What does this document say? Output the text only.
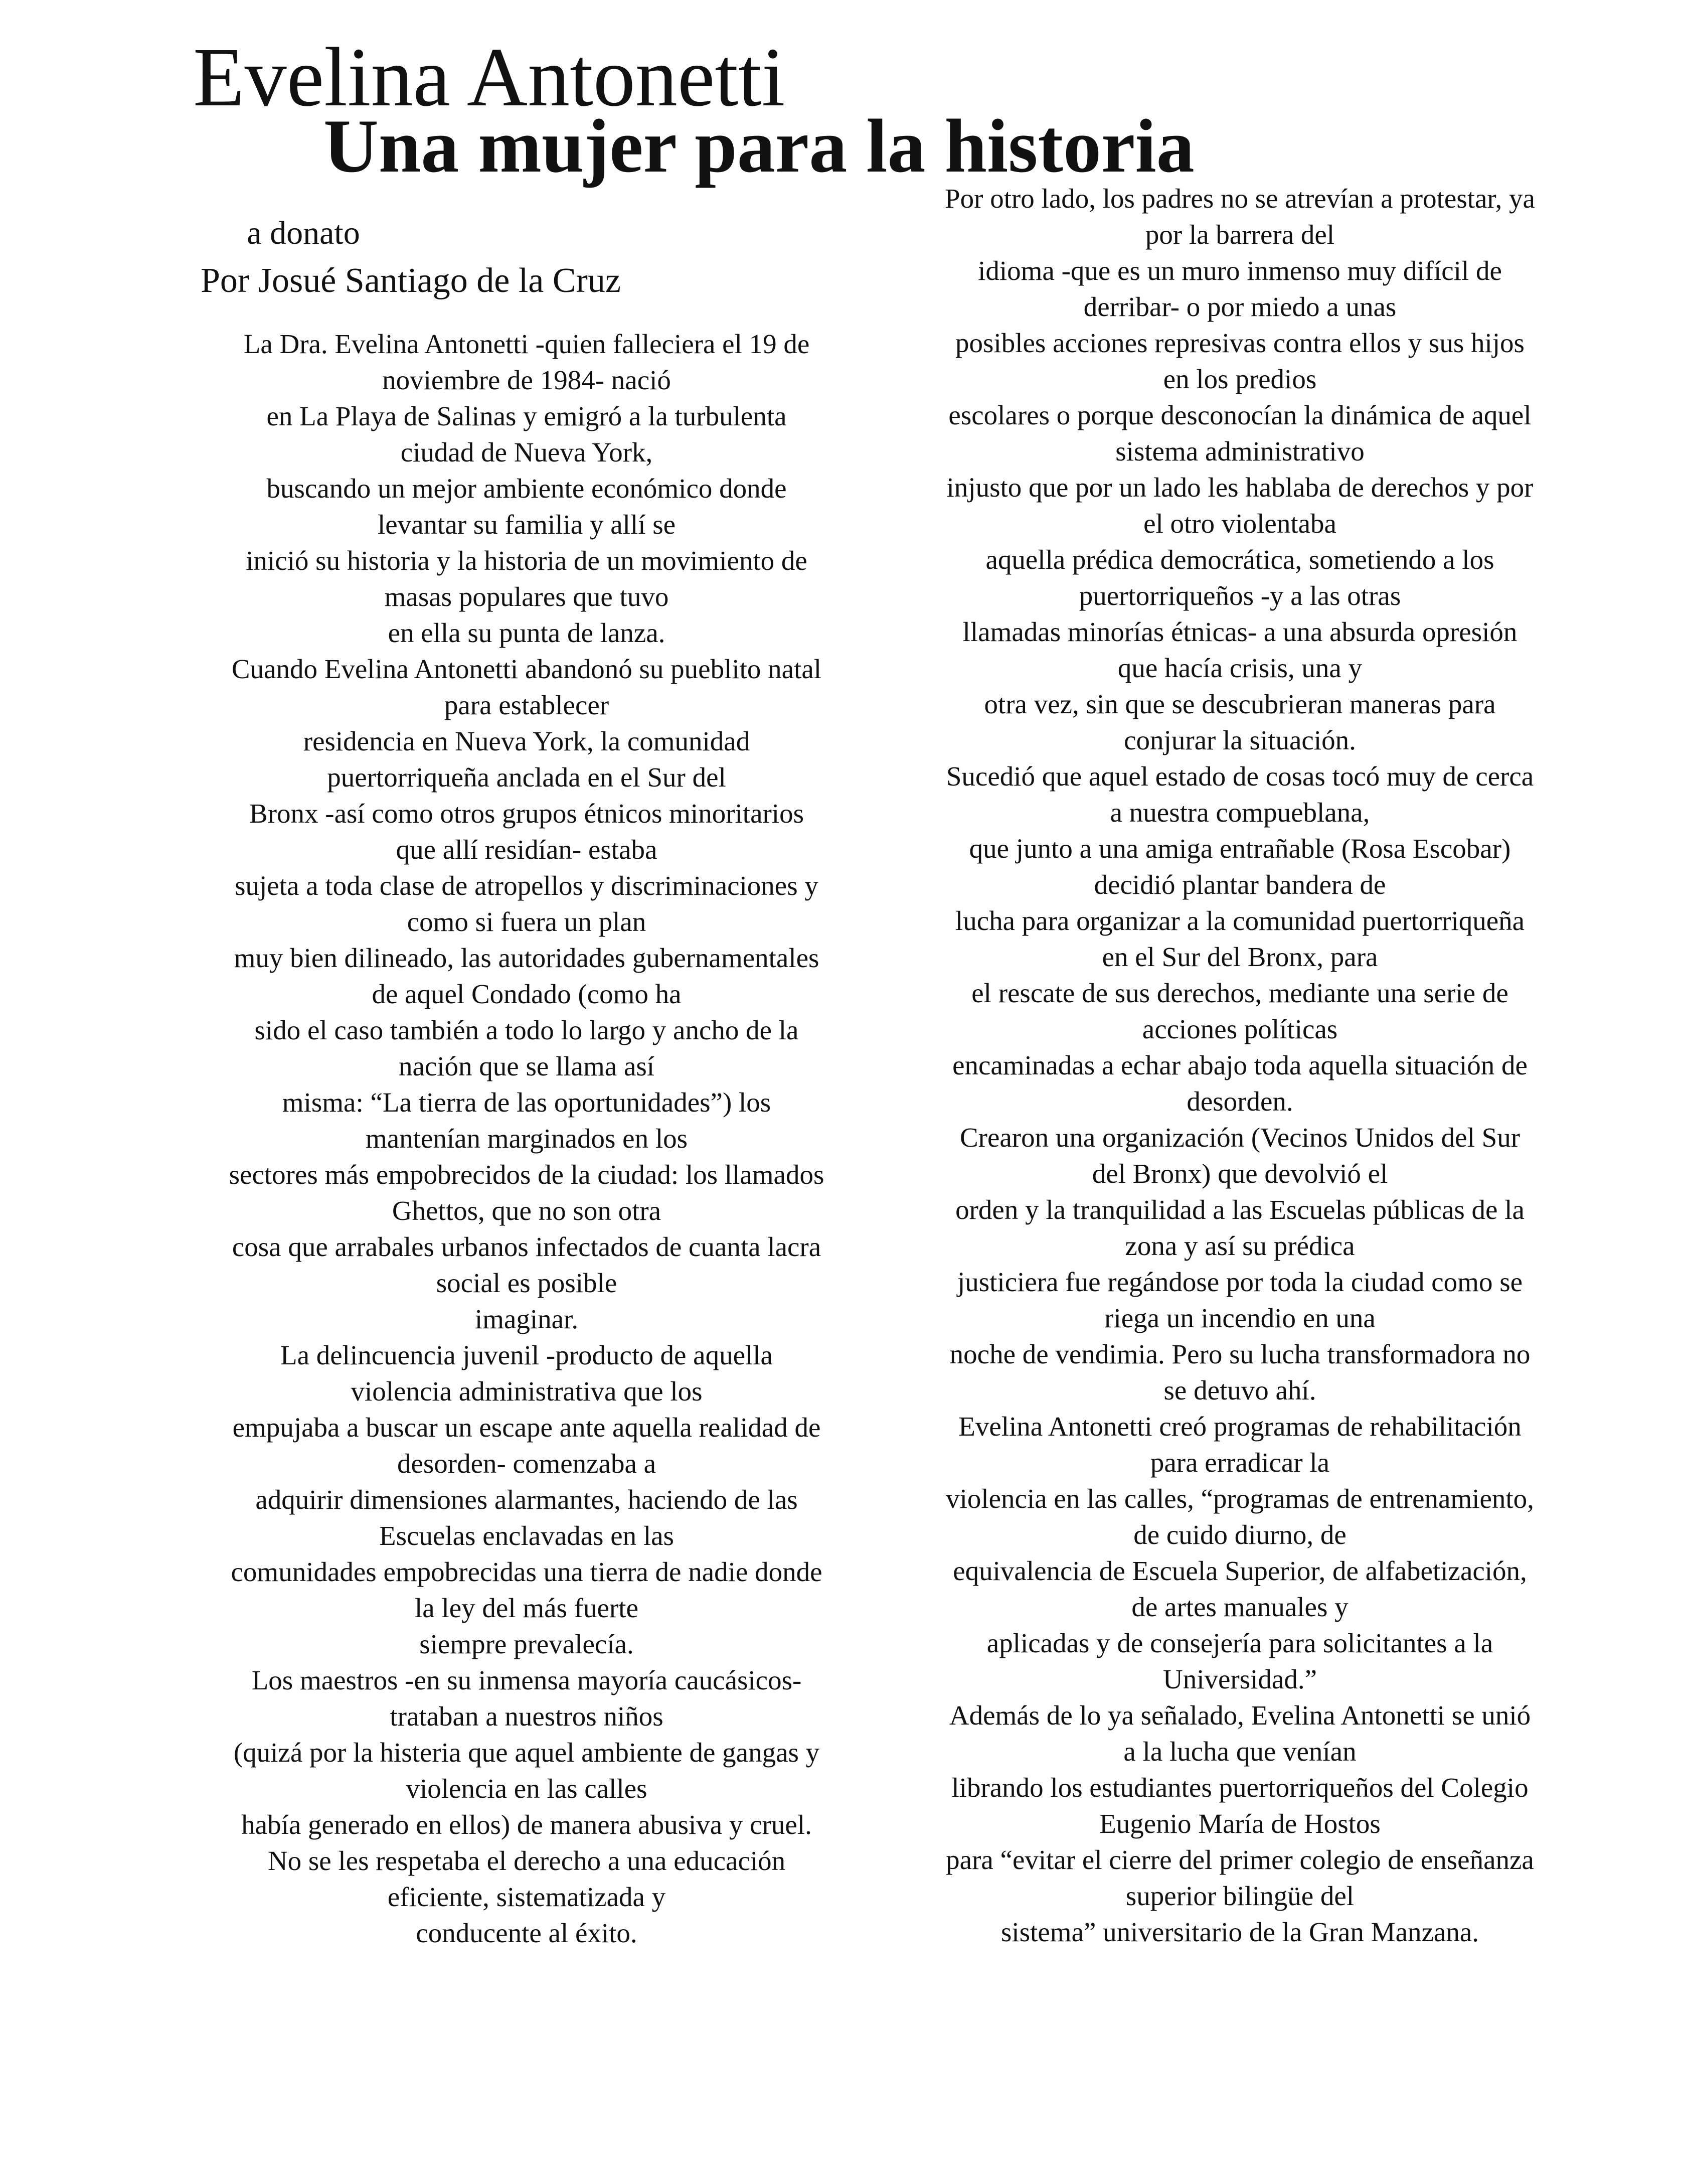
Evelina Antonetti
Una mujer para la historia
a donato
Por Josué Santiago de la Cruz
La Dra. Evelina Antonetti -quien falleciera el 19 de
noviembre de 1984- nació
en La Playa de Salinas y emigró a la turbulenta
ciudad de Nueva York,
buscando un mejor ambiente económico donde
levantar su familia y allí se
inició su historia y la historia de un movimiento de
masas populares que tuvo
en ella su punta de lanza.
Cuando Evelina Antonetti abandonó su pueblito natal
para establecer
residencia en Nueva York, la comunidad
puertorriqueña anclada en el Sur del
Bronx -así como otros grupos étnicos minoritarios
que allí residían- estaba
sujeta a toda clase de atropellos y discriminaciones y
como si fuera un plan
muy bien dilineado, las autoridades gubernamentales
de aquel Condado (como ha
sido el caso también a todo lo largo y ancho de la
nación que se llama así
misma: “La tierra de las oportunidades”) los
mantenían marginados en los
sectores más empobrecidos de la ciudad: los llamados
Ghettos, que no son otra
cosa que arrabales urbanos infectados de cuanta lacra
social es posible
imaginar.
La delincuencia juvenil -producto de aquella
violencia administrativa que los
empujaba a buscar un escape ante aquella realidad de
desorden- comenzaba a
adquirir dimensiones alarmantes, haciendo de las
Escuelas enclavadas en las
comunidades empobrecidas una tierra de nadie donde
la ley del más fuerte
siempre prevalecía.
Los maestros -en su inmensa mayoría caucásicos-
trataban a nuestros niños
(quizá por la histeria que aquel ambiente de gangas y
violencia en las calles
había generado en ellos) de manera abusiva y cruel.
No se les respetaba el derecho a una educación
eficiente, sistematizada y
conducente al éxito.
Por otro lado, los padres no se atrevían a protestar, ya
por la barrera del
idioma -que es un muro inmenso muy difícil de
derribar- o por miedo a unas
posibles acciones represivas contra ellos y sus hijos
en los predios
escolares o porque desconocían la dinámica de aquel
sistema administrativo
injusto que por un lado les hablaba de derechos y por
el otro violentaba
aquella prédica democrática, sometiendo a los
puertorriqueños -y a las otras
llamadas minorías étnicas- a una absurda opresión
que hacía crisis, una y
otra vez, sin que se descubrieran maneras para
conjurar la situación.
Sucedió que aquel estado de cosas tocó muy de cerca
a nuestra compueblana,
que junto a una amiga entrañable (Rosa Escobar)
decidió plantar bandera de
lucha para organizar a la comunidad puertorriqueña
en el Sur del Bronx, para
el rescate de sus derechos, mediante una serie de
acciones políticas
encaminadas a echar abajo toda aquella situación de
desorden.
Crearon una organización (Vecinos Unidos del Sur
del Bronx) que devolvió el
orden y la tranquilidad a las Escuelas públicas de la
zona y así su prédica
justiciera fue regándose por toda la ciudad como se
riega un incendio en una
noche de vendimia. Pero su lucha transformadora no
se detuvo ahí.
Evelina Antonetti creó programas de rehabilitación
para erradicar la
violencia en las calles, “programas de entrenamiento,
de cuido diurno, de
equivalencia de Escuela Superior, de alfabetización,
de artes manuales y
aplicadas y de consejería para solicitantes a la
Universidad.”
Además de lo ya señalado, Evelina Antonetti se unió
a la lucha que venían
librando los estudiantes puertorriqueños del Colegio
Eugenio María de Hostos
para “evitar el cierre del primer colegio de enseñanza
superior bilingüe del
sistema” universitario de la Gran Manzana.
